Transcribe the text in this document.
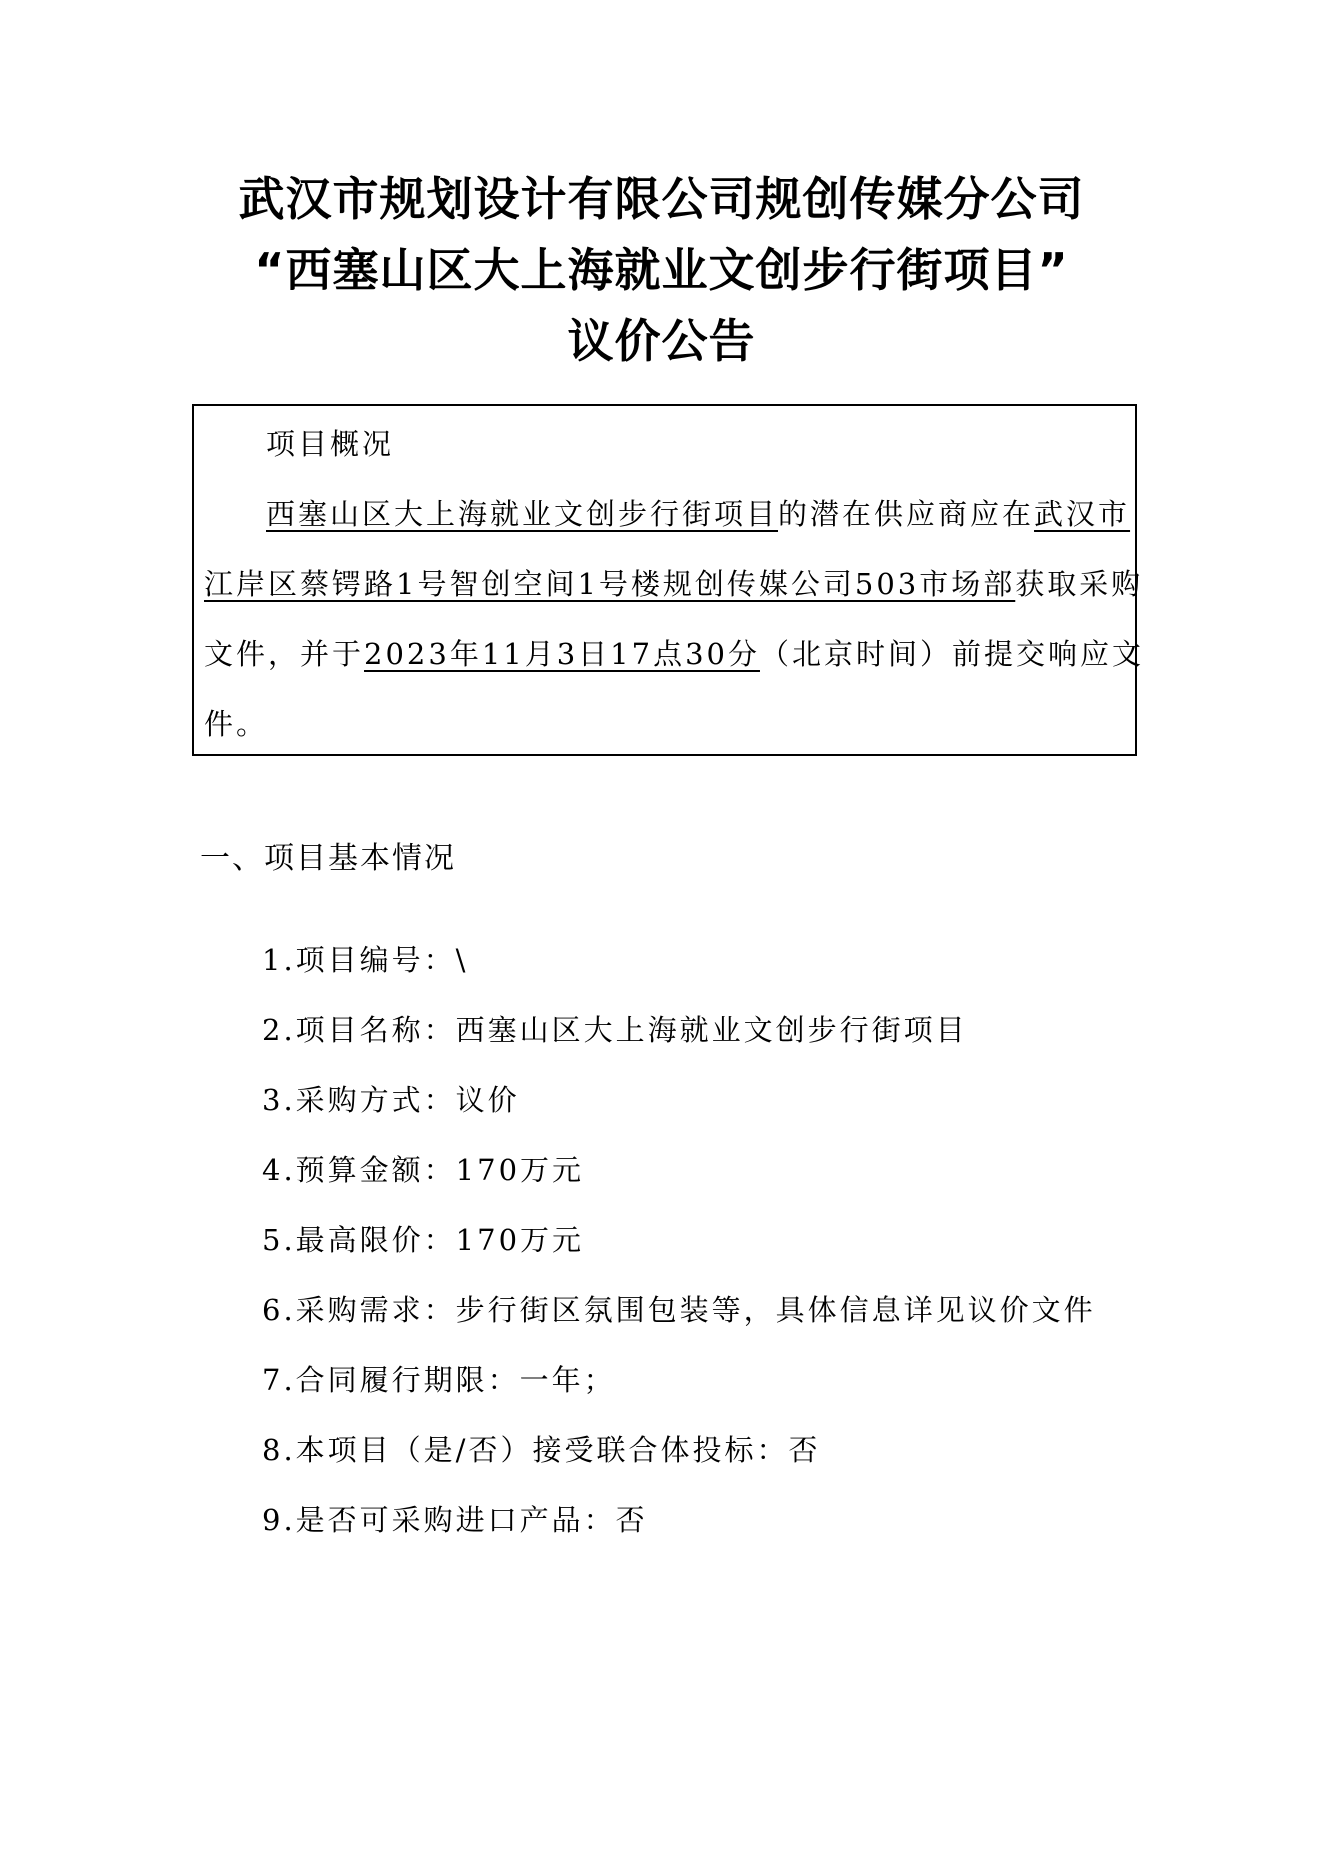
武汉市规划设计有限公司规创传媒分公司
“西塞山区大上海就业文创步行街项目”
议价公告
项目概况
西塞山区大上海就业文创步行街项目的潜在供应商应在武汉市
江岸区蔡锷路1号智创空间1号楼规创传媒公司503市场部获取采购
文件，并于2023年11月3日17点30分（北京时间）前提交响应文
件。
一、项目基本情况
1.项目编号：\
2.项目名称：西塞山区大上海就业文创步行街项目
3.采购方式：议价
4.预算金额：170万元
5.最高限价：170万元
6.采购需求：步行街区氛围包装等，具体信息详见议价文件
7.合同履行期限：一年；
8.本项目（是/否）接受联合体投标：否
9.是否可采购进口产品：否
